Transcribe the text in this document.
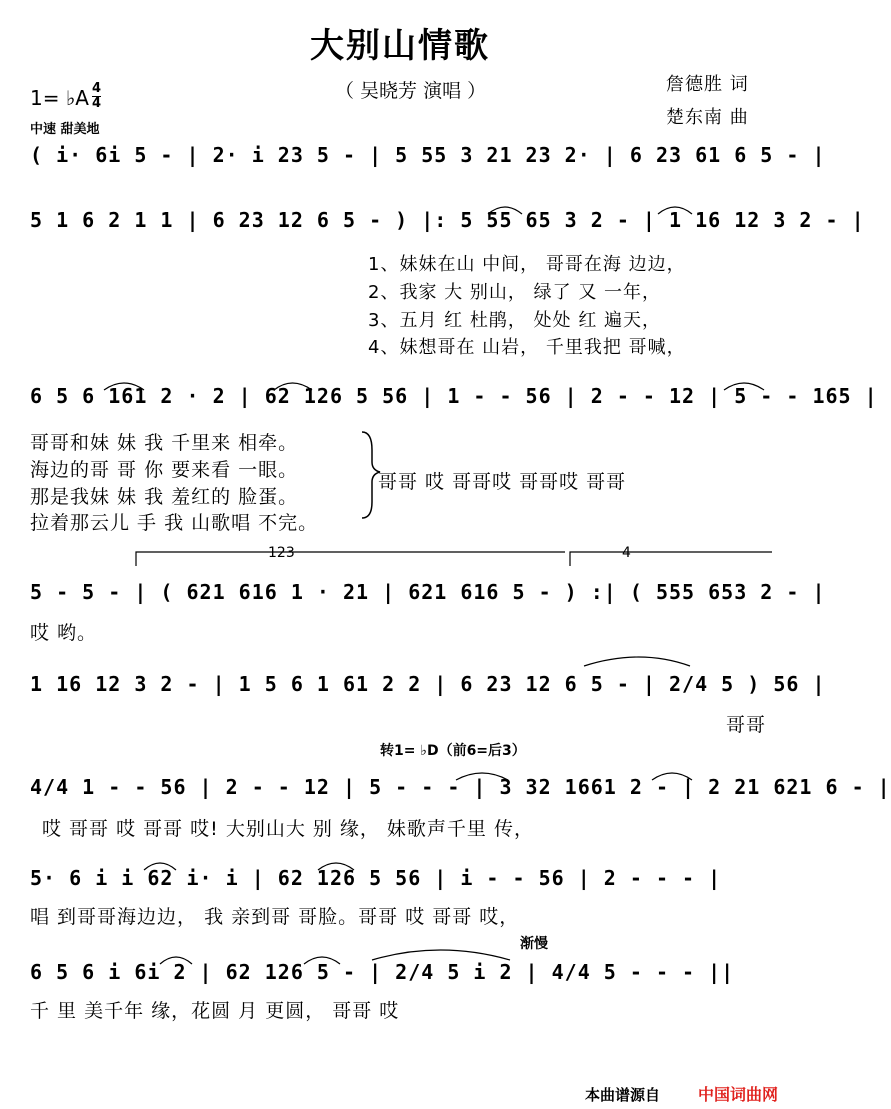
大别山情歌
（ 吴晓芳 演唱 ）	詹德胜 词
楚东南 曲
1= ♭A 4
4
中速 甜美地
( i· 6i 5 - | 2· i 23 5 - | 5 55 3 21 23 2· | 6 23 61 6 5 - |
5 1 6 2 1 1 | 6 23 12 6 5 - ) |: 5 55 65 3 2 - | 1 16 12 3 2 - |
1、妹妹在山 中间， 哥哥在海 边边，
2、我家 大 别山， 绿了 又 一年，
3、五月 红 杜鹃， 处处 红 遍天，
4、妹想哥在 山岩， 千里我把 哥喊，
6 5 6 161 2 · 2 | 62 126 5 56 | 1 - - 56 | 2 - - 12 | 5 - - 165 |
哥哥和妹 妹 我 千里来 相牵。
海边的哥 哥 你 要来看 一眼。
那是我妹 妹 我 羞红的 脸蛋。
拉着那云儿 手 我 山歌唱 不完。
哥哥 哎 哥哥哎 哥哥哎 哥哥
123	4
5 - 5 - | ( 621 616 1 · 21 | 621 616 5 - ) :| ( 555 653 2 - |
哎 哟。
1 16 12 3 2 - | 1 5 6 1 61 2 2 | 6 23 12 6 5 - | 2/4 5 ) 56 |
哥哥
转1= ♭D（前6=后3）
4/4 1 - - 56 | 2 - - 12 | 5 - - - | 3 32 1661 2 - | 2 21 621 6 - |
哎 哥哥 哎 哥哥 哎! 大别山大 别 缘， 妹歌声千里 传，
5· 6 i i 62 i· i | 62 126 5 56 | i - - 56 | 2 - - - |
唱 到哥哥海边边， 我 亲到哥 哥脸。哥哥 哎 哥哥 哎，
渐慢
6 5 6 i 6i 2 | 62 126 5 - | 2/4 5 i 2 | 4/4 5 - - - ||
千 里 美千年 缘，花圆 月 更圆， 哥哥 哎
本曲谱源自 中国词曲网
